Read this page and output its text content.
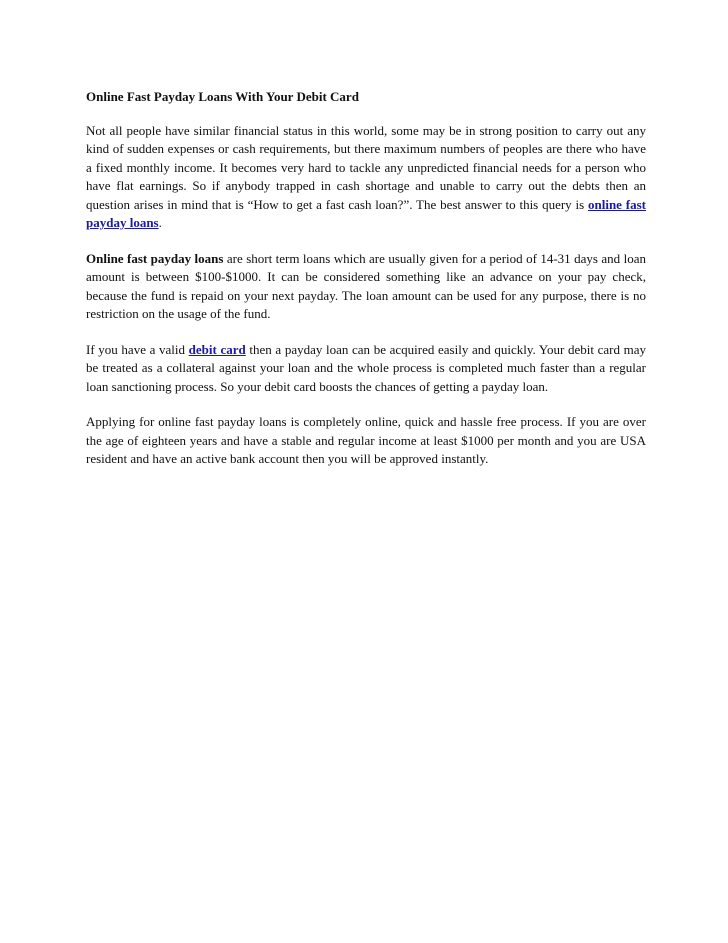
Online Fast Payday Loans With Your Debit Card

Not all people have similar financial status in this world, some may be in strong position to carry out any kind of sudden expenses or cash requirements, but there maximum numbers of peoples are there who have a fixed monthly income. It becomes very hard to tackle any unpredicted financial needs for a person who have flat earnings. So if anybody trapped in cash shortage and unable to carry out the debts then an question arises in mind that is “How to get a fast cash loan?”. The best answer to this query is online fast payday loans.

Online fast payday loans are short term loans which are usually given for a period of 14-31 days and loan amount is between $100-$1000. It can be considered something like an advance on your pay check, because the fund is repaid on your next payday. The loan amount can be used for any purpose, there is no restriction on the usage of the fund.

If you have a valid debit card then a payday loan can be acquired easily and quickly. Your debit card may be treated as a collateral against your loan and the whole process is completed much faster than a regular loan sanctioning process. So your debit card boosts the chances of getting a payday loan.

Applying for online fast payday loans is completely online, quick and hassle free process. If you are over the age of eighteen years and have a stable and regular income at least $1000 per month and you are USA resident and have an active bank account then you will be approved instantly.
